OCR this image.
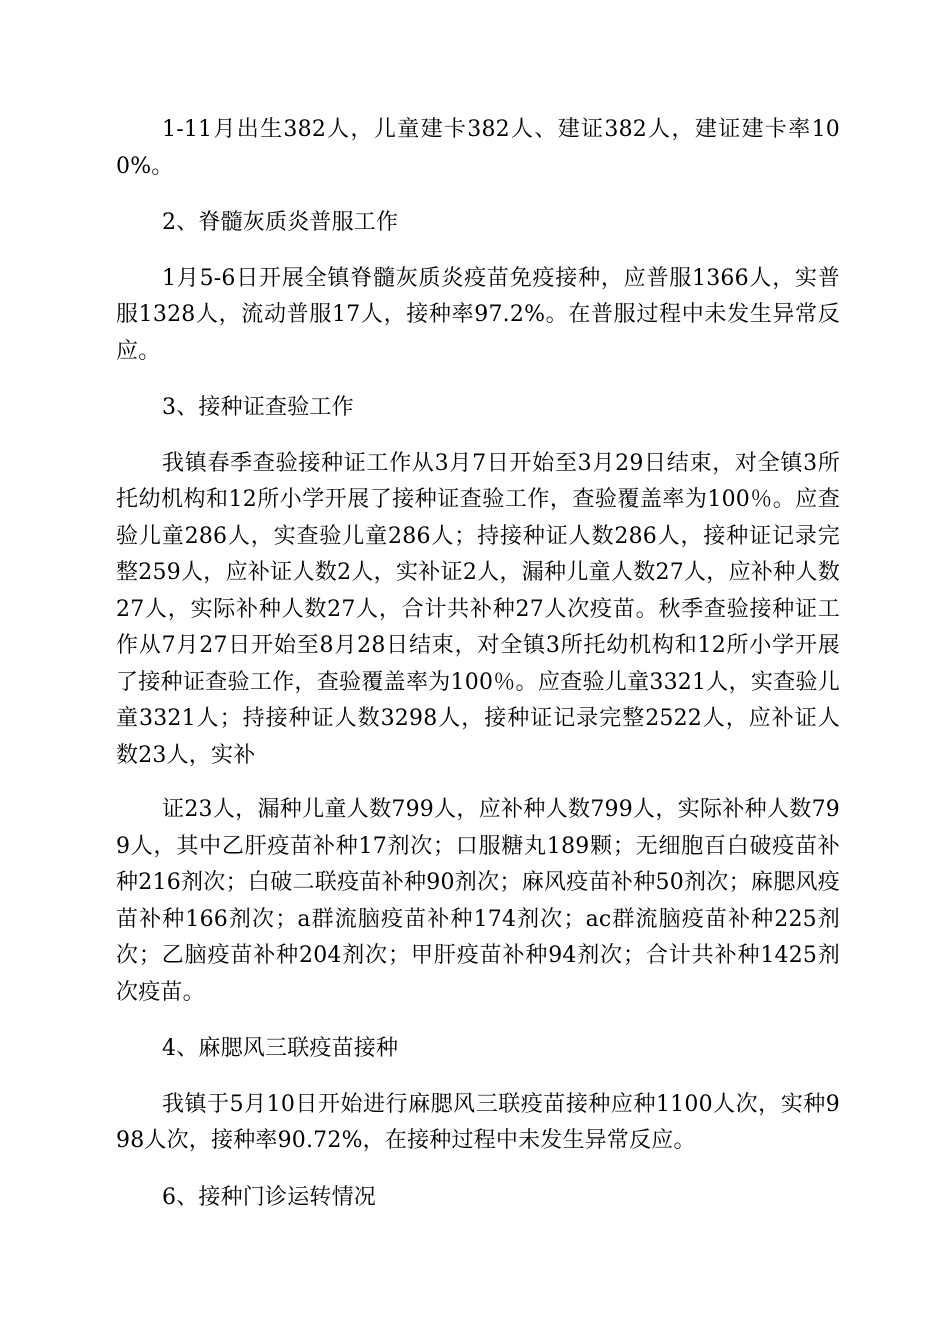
1-11月出生382人，儿童建卡382人、建证382人，建证建卡率100%。

2、脊髓灰质炎普服工作

1月5-6日开展全镇脊髓灰质炎疫苗免疫接种，应普服1366人，实普服1328人，流动普服17人，接种率97.2%。在普服过程中未发生异常反应。

3、接种证查验工作

我镇春季查验接种证工作从3月7日开始至3月29日结束，对全镇3所托幼机构和12所小学开展了接种证查验工作，查验覆盖率为100％。应查验儿童286人，实查验儿童286人；持接种证人数286人，接种证记录完整259人，应补证人数2人，实补证2人，漏种儿童人数27人，应补种人数27人，实际补种人数27人，合计共补种27人次疫苗。秋季查验接种证工作从7月27日开始至8月28日结束，对全镇3所托幼机构和12所小学开展了接种证查验工作，查验覆盖率为100％。应查验儿童3321人，实查验儿童3321人；持接种证人数3298人，接种证记录完整2522人，应补证人数23人，实补

证23人，漏种儿童人数799人，应补种人数799人，实际补种人数799人，其中乙肝疫苗补种17剂次；口服糖丸189颗；无细胞百白破疫苗补种216剂次；白破二联疫苗补种90剂次；麻风疫苗补种50剂次；麻腮风疫苗补种166剂次；a群流脑疫苗补种174剂次；ac群流脑疫苗补种225剂次；乙脑疫苗补种204剂次；甲肝疫苗补种94剂次；合计共补种1425剂次疫苗。

4、麻腮风三联疫苗接种

我镇于5月10日开始进行麻腮风三联疫苗接种应种1100人次，实种998人次，接种率90.72%，在接种过程中未发生异常反应。

6、接种门诊运转情况
